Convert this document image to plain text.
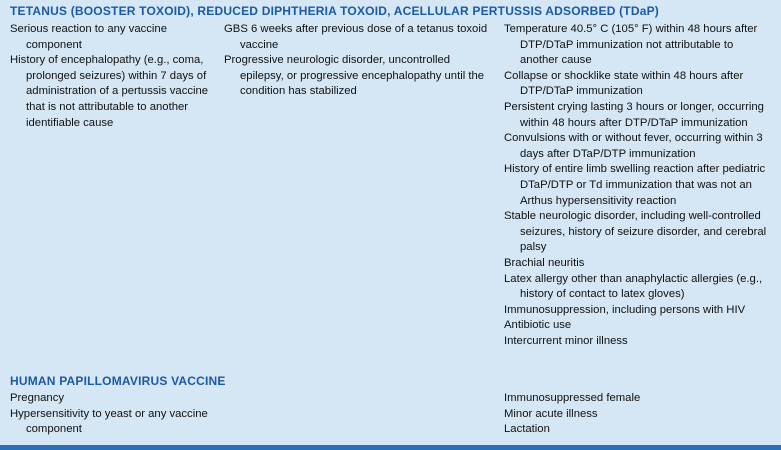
TETANUS (BOOSTER TOXOID), REDUCED DIPHTHERIA TOXOID, ACELLULAR PERTUSSIS ADSORBED (TDaP)
Serious reaction to any vaccine component
History of encephalopathy (e.g., coma, prolonged seizures) within 7 days of administration of a pertussis vaccine that is not attributable to another identifiable cause
GBS 6 weeks after previous dose of a tetanus toxoid vaccine
Progressive neurologic disorder, uncontrolled epilepsy, or progressive encephalopathy until the condition has stabilized
Temperature 40.5° C (105° F) within 48 hours after DTP/DTaP immunization not attributable to another cause
Collapse or shocklike state within 48 hours after DTP/DTaP immunization
Persistent crying lasting 3 hours or longer, occurring within 48 hours after DTP/DTaP immunization
Convulsions with or without fever, occurring within 3 days after DTaP/DTP immunization
History of entire limb swelling reaction after pediatric DTaP/DTP or Td immunization that was not an Arthus hypersensitivity reaction
Stable neurologic disorder, including well-controlled seizures, history of seizure disorder, and cerebral palsy
Brachial neuritis
Latex allergy other than anaphylactic allergies (e.g., history of contact to latex gloves)
Immunosuppression, including persons with HIV
Antibiotic use
Intercurrent minor illness
HUMAN PAPILLOMAVIRUS VACCINE
Pregnancy
Hypersensitivity to yeast or any vaccine component
Immunosuppressed female
Minor acute illness
Lactation
